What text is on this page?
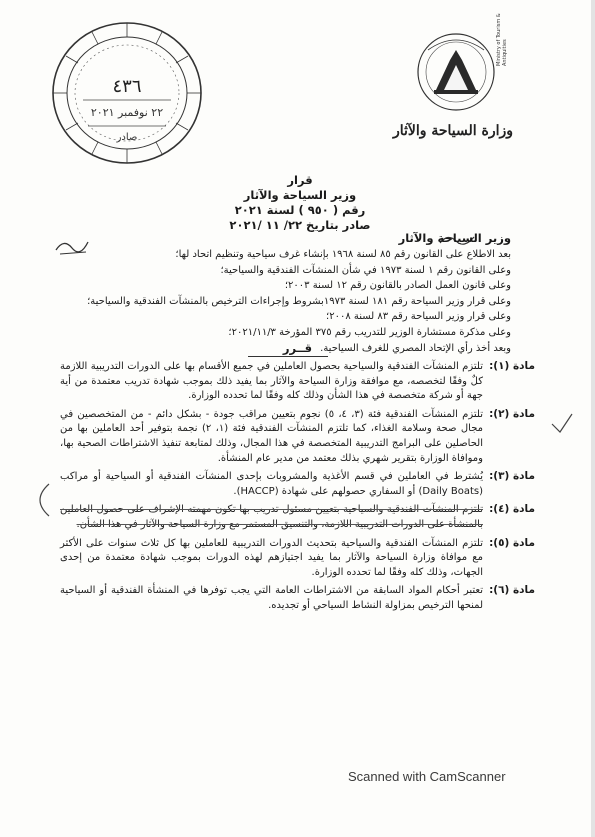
٤٣٦
٢٢ نوفمبر ٢٠٢١
صادر	وزارة السياحة والآثار
Ministry of Tourism & Antiquities
قرار
وزير السياحة والآثار
رقم ( ٩٥٠ ) لسنة ٢٠٢١
صادر بتاريخ ٢٢/ ١١ /٢٠٢١
وزير السياحة والآثار

بعد الاطلاع على القانون رقم ٨٥ لسنة ١٩٦٨ بإنشاء غرف سياحية وتنظيم اتحاد لها؛

وعلى القانون رقم ١ لسنة ١٩٧٣ في شأن المنشآت الفندقية والسياحية؛

وعلى قانون العمل الصادر بالقانون رقم ١٢ لسنة ٢٠٠٣؛

وعلى قرار وزير السياحة رقم ١٨١ لسنة ١٩٧٣بشروط وإجراءات الترخيص بالمنشآت الفندقية والسياحية؛

وعلى قرار وزير السياحة رقم ٨٣ لسنة ٢٠٠٨؛

وعلى مذكرة مستشارة الوزير للتدريب رقم ٣٧٥ المؤرخة ٢٠٢١/١١/٣؛

وبعد أخذ رأي الإتحاد المصري للغرف السياحية.

قــرر
مادة (١):
تلتزم المنشآت الفندقية والسياحية بحصول العاملين في جميع الأقسام بها على الدورات التدريبية اللازمة كلٌ وفقًا لتخصصه، مع موافقة وزارة السياحة والآثار بما يفيد ذلك بموجب شهادة تدريب معتمدة من أية جهة أو شركة متخصصة في هذا الشأن وذلك كله وفقًا لما تحدده الوزارة.
مادة (٢):
تلتزم المنشآت الفندقية فئة (٣، ٤، ٥) نجوم بتعيين مراقب جودة - بشكل دائم - من المتخصصين في مجال صحة وسلامة الغذاء، كما تلتزم المنشآت الفندقية فئة (١، ٢) نجمة بتوفير أحد العاملين بها من الحاصلين على البرامج التدريبية المتخصصة في هذا المجال، وذلك لمتابعة تنفيذ الاشتراطات الصحية بها، وموافاة الوزارة بتقرير شهري بذلك معتمد من مدير عام المنشأة.
مادة (٣):
يُشترط في العاملين في قسم الأغذية والمشروبات بإحدى المنشآت الفندقية أو السياحية أو مراكب (Daily Boats) أو السفاري حصولهم على شهادة (HACCP).
مادة (٤):
تلتزم المنشآت الفندقية والسياحية بتعيين مسئول تدريب بها تكون مهمته الإشراف على حصول العاملين بالمنشأة على الدورات التدريبية اللازمة، والتنسيق المستمر مع وزارة السياحة والآثار في هذا الشأن.
مادة (٥):
تلتزم المنشآت الفندقية والسياحية بتحديث الدورات التدريبية للعاملين بها كل ثلاث سنوات على الأكثر مع موافاة وزارة السياحة والآثار بما يفيد اجتيازهم لهذه الدورات بموجب شهادة معتمدة من إحدى الجهات، وذلك كله وفقًا لما تحدده الوزارة.
مادة (٦):
تعتبر أحكام المواد السابقة من الاشتراطات العامة التي يجب توفرها في المنشأة الفندقية أو السياحية لمنحها الترخيص بمزاولة النشاط السياحي أو تجديده.
Scanned with CamScanner
